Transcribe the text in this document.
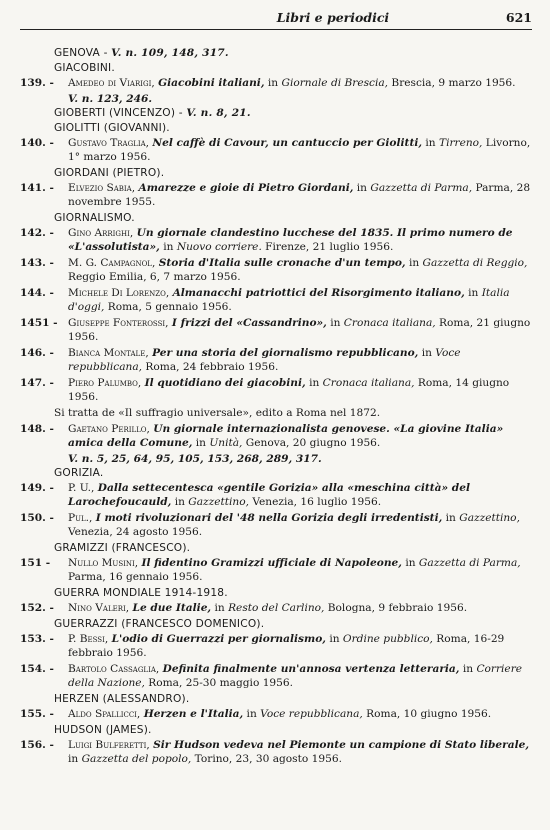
Libri e periodici	621
GENOVA - V. n. 109, 148, 317.
GIACOBINI.
139. -	Amedeo di Viarigi, Giacobini italiani, in Giornale di Brescia, Brescia, 9 marzo 1956.
V. n. 123, 246.
GIOBERTI (VINCENZO) - V. n. 8, 21.
GIOLITTI (GIOVANNI).
140. -	Gustavo Traglia, Nel caffè di Cavour, un cantuccio per Giolitti, in Tirreno, Livorno, 1° marzo 1956.
GIORDANI (PIETRO).
141. -	Elvezio Sabia, Amarezze e gioie di Pietro Giordani, in Gazzetta di Parma, Parma, 28 novembre 1955.
GIORNALISMO.
142. -	Gino Arrighi, Un giornale clandestino lucchese del 1835. Il primo numero de «L'assolutista», in Nuovo corriere. Firenze, 21 luglio 1956.
143. -	M. G. Campagnol, Storia d'Italia sulle cronache d'un tempo, in Gazzetta di Reggio, Reggio Emilia, 6, 7 marzo 1956.
144. -	Michele Di Lorenzo, Almanacchi patriottici del Risorgimento italiano, in Italia d'oggi, Roma, 5 gennaio 1956.
1451 - Giuseppe Fonterossi, I frizzi del «Cassandrino», in Cronaca italiana, Roma, 21 giugno 1956.
146. -	Bianca Montale, Per una storia del giornalismo repubblicano, in Voce repubblicana, Roma, 24 febbraio 1956.
147. -	Piero Palumbo, Il quotidiano dei giacobini, in Cronaca italiana, Roma, 14 giugno 1956.
Si tratta de «Il suffragio universale», edito a Roma nel 1872.
148. -	Gaetano Perillo, Un giornale internazionalista genovese. «La giovine Italia» amica della Comune, in Unità, Genova, 20 giugno 1956.
V. n. 5, 25, 64, 95, 105, 153, 268, 289, 317.
GORIZIA.
149. -	P. U., Dalla settecentesca «gentile Gorizia» alla «meschina città» del Larochefoucauld, in Gazzettino, Venezia, 16 luglio 1956.
150. -	Pul., I moti rivoluzionari del '48 nella Gorizia degli irredentisti, in Gazzettino, Venezia, 24 agosto 1956.
GRAMIZZI (FRANCESCO).
151 -	Nullo Musini, Il fidentino Gramizzi ufficiale di Napoleone, in Gazzetta di Parma, Parma, 16 gennaio 1956.
GUERRA MONDIALE 1914-1918.
152. -	Nino Valeri, Le due Italie, in Resto del Carlino, Bologna, 9 febbraio 1956.
GUERRAZZI (FRANCESCO DOMENICO).
153. -	P. Bessi, L'odio di Guerrazzi per giornalismo, in Ordine pubblico, Roma, 16-29 febbraio 1956.
154. -	Bartolo Cassaglia, Definita finalmente un'annosa vertenza letteraria, in Corriere della Nazione, Roma, 25-30 maggio 1956.
HERZEN (ALESSANDRO).
155. -	Aldo Spallicci, Herzen e l'Italia, in Voce repubblicana, Roma, 10 giugno 1956.
HUDSON (JAMES).
156. -	Luigi Bulferetti, Sir Hudson vedeva nel Piemonte un campione di Stato liberale, in Gazzetta del popolo, Torino, 23, 30 agosto 1956.
